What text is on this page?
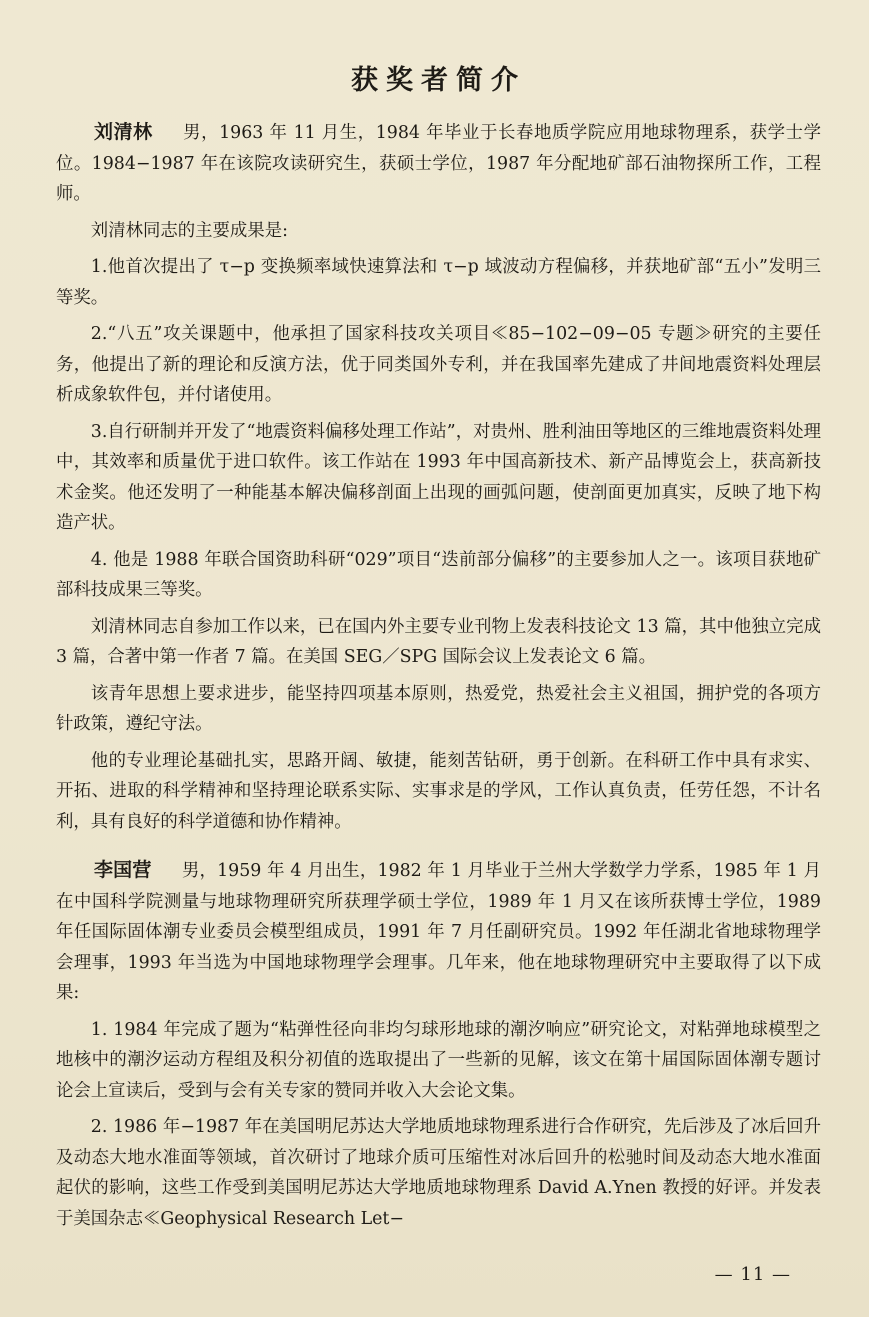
获奖者简介

刘清林 男，1963 年 11 月生，1984 年毕业于长春地质学院应用地球物理系，获学士学位。1984−1987 年在该院攻读研究生，获硕士学位，1987 年分配地矿部石油物探所工作，工程师。

刘清林同志的主要成果是:

1.他首次提出了 τ−p 变换频率域快速算法和 τ−p 域波动方程偏移，并获地矿部“五小”发明三等奖。

2.“八五”攻关课题中，他承担了国家科技攻关项目≪85−102−09−05 专题≫研究的主要任务，他提出了新的理论和反演方法，优于同类国外专利，并在我国率先建成了井间地震资料处理层析成象软件包，并付诸使用。

3.自行研制并开发了“地震资料偏移处理工作站”，对贵州、胜利油田等地区的三维地震资料处理中，其效率和质量优于进口软件。该工作站在 1993 年中国高新技术、新产品博览会上，获高新技术金奖。他还发明了一种能基本解决偏移剖面上出现的画弧问题，使剖面更加真实，反映了地下构造产状。

4. 他是 1988 年联合国资助科研“029”项目“迭前部分偏移”的主要参加人之一。该项目获地矿部科技成果三等奖。

刘清林同志自参加工作以来，已在国内外主要专业刊物上发表科技论文 13 篇，其中他独立完成 3 篇，合著中第一作者 7 篇。在美国 SEG／SPG 国际会议上发表论文 6 篇。

该青年思想上要求进步，能坚持四项基本原则，热爱党，热爱社会主义祖国，拥护党的各项方针政策，遵纪守法。

他的专业理论基础扎实，思路开阔、敏捷，能刻苦钻研，勇于创新。在科研工作中具有求实、开拓、进取的科学精神和坚持理论联系实际、实事求是的学风，工作认真负责，任劳任怨，不计名利，具有良好的科学道德和协作精神。

李国营 男，1959 年 4 月出生，1982 年 1 月毕业于兰州大学数学力学系，1985 年 1 月在中国科学院测量与地球物理研究所获理学硕士学位，1989 年 1 月又在该所获博士学位，1989 年任国际固体潮专业委员会模型组成员，1991 年 7 月任副研究员。1992 年任湖北省地球物理学会理事，1993 年当选为中国地球物理学会理事。几年来，他在地球物理研究中主要取得了以下成果:

1. 1984 年完成了题为“粘弹性径向非均匀球形地球的潮汐响应”研究论文，对粘弹地球模型之地核中的潮汐运动方程组及积分初值的选取提出了一些新的见解，该文在第十届国际固体潮专题讨论会上宣读后，受到与会有关专家的赞同并收入大会论文集。

2. 1986 年−1987 年在美国明尼苏达大学地质地球物理系进行合作研究，先后涉及了冰后回升及动态大地水准面等领域，首次研讨了地球介质可压缩性对冰后回升的松驰时间及动态大地水准面起伏的影响，这些工作受到美国明尼苏达大学地质地球物理系 David A.Ynen 教授的好评。并发表于美国杂志≪Geophysical Research Let−

— 11 —
